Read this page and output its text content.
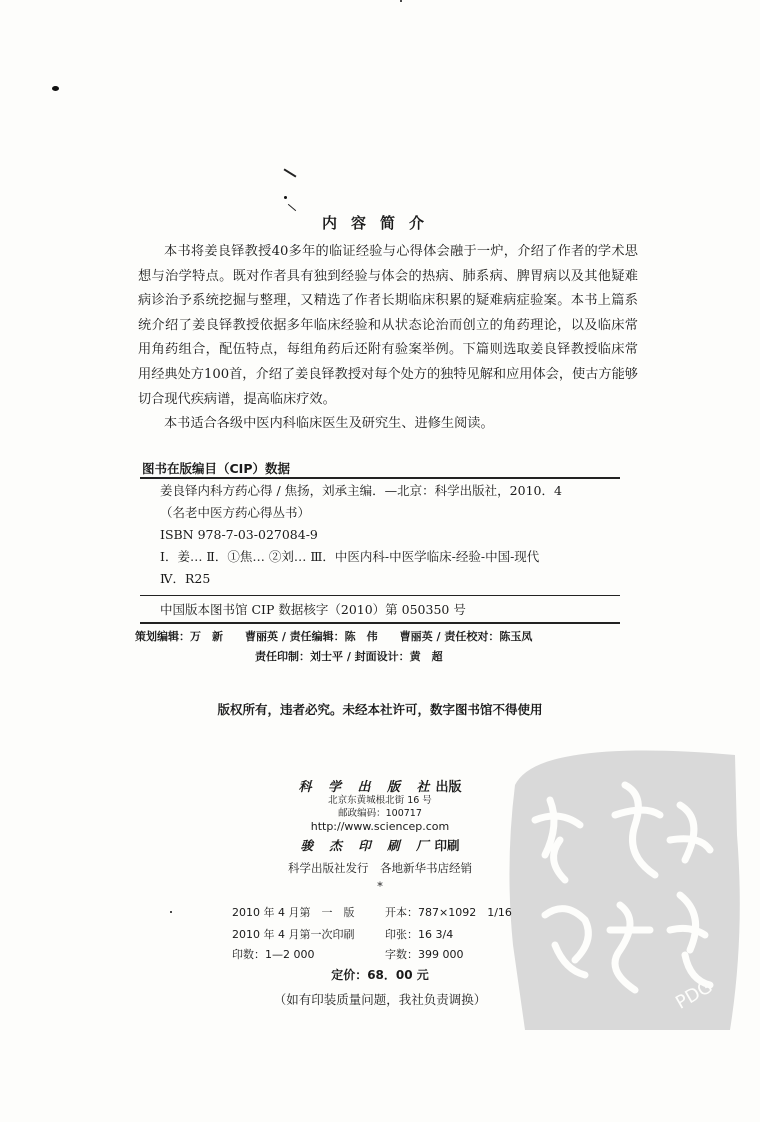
PDG
内容简介

本书将姜良铎教授40多年的临证经验与心得体会融于一炉，介绍了作者的学术思想与治学特点。既对作者具有独到经验与体会的热病、肺系病、脾胃病以及其他疑难病诊治予系统挖掘与整理，又精选了作者长期临床积累的疑难病症验案。本书上篇系统介绍了姜良铎教授依据多年临床经验和从状态论治而创立的角药理论，以及临床常用角药组合，配伍特点，每组角药后还附有验案举例。下篇则选取姜良铎教授临床常用经典处方100首，介绍了姜良铎教授对每个处方的独特见解和应用体会，使古方能够切合现代疾病谱，提高临床疗效。

本书适合各级中医内科临床医生及研究生、进修生阅读。

图书在版编目（CIP）数据
姜良铎内科方药心得 / 焦扬，刘承主编．—北京：科学出版社，2010．4
（名老中医方药心得丛书）
ISBN 978-7-03-027084-9
Ⅰ．姜… Ⅱ．①焦… ②刘… Ⅲ．中医内科-中医学临床-经验-中国-现代
Ⅳ．R25
中国版本图书馆 CIP 数据核字（2010）第 050350 号
策划编辑：万　新　　曹丽英 / 责任编辑：陈　伟　　曹丽英 / 责任校对：陈玉凤
责任印制：刘士平 / 封面设计：黄　超
版权所有，违者必究。未经本社许可，数字图书馆不得使用
科 学 出 版 社出版
北京东黄城根北街 16 号
邮政编码：100717
http://www.sciencep.com
骏 杰 印 刷 厂印刷
科学出版社发行　各地新华书店经销
*
2010 年 4 月第　一　版	开本：787×1092　1/16
2010 年 4 月第一次印刷	印张：16 3/4
印数：1—2 000	字数：399 000
定价：68．00 元
（如有印装质量问题，我社负责调换）
